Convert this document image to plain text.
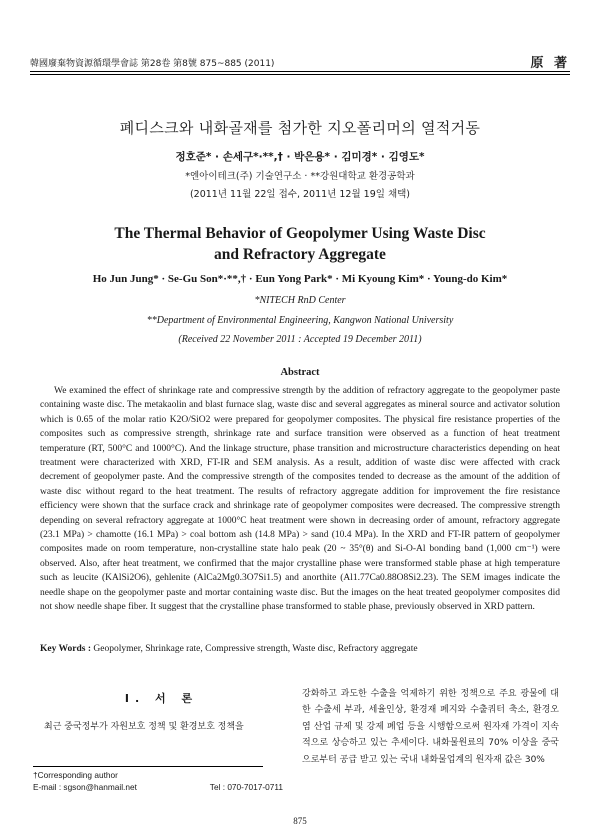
韓國廢棄物資源循環學會誌 第28卷 第8號 875~885 (2011)	原 著
폐디스크와 내화골재를 첨가한 지오폴리머의 열적거동
정호준* · 손세구*·**,† · 박은용* · 김미경* · 김영도*
*엔아이테크(주) 기술연구소 · **강원대학교 환경공학과
(2011년 11월 22일 접수, 2011년 12월 19일 채택)
The Thermal Behavior of Geopolymer Using Waste Disc
and Refractory Aggregate
Ho Jun Jung* · Se-Gu Son*·**,† · Eun Yong Park* · Mi Kyoung Kim* · Young-do Kim*
*NITECH RnD Center
**Department of Environmental Engineering, Kangwon National University
(Received 22 November 2011 : Accepted 19 December 2011)
Abstract

We examined the effect of shrinkage rate and compressive strength by the addition of refractory aggregate to the geopolymer paste containing waste disc. The metakaolin and blast furnace slag, waste disc and several aggregates as mineral source and activator solution which is 0.65 of the molar ratio K2O/SiO2 were prepared for geopolymer composites. The physical fire resistance properties of the composites such as compressive strength, shrinkage rate and surface transition were observed as a function of heat treatment temperature (RT, 500°C and 1000°C). And the linkage structure, phase transition and microstructure characteristics depending on heat treatment were characterized with XRD, FT-IR and SEM analysis. As a result, addition of waste disc were affected with crack decrement of geopolymer paste. And the compressive strength of the composites tended to decrease as the amount of the addition of waste disc without regard to the heat treatment. The results of refractory aggregate addition for improvement the fire resistance efficiency were shown that the surface crack and shrinkage rate of geopolymer composites were decreased. The compressive strength depending on several refractory aggregate at 1000°C heat treatment were shown in decreasing order of amount, refractory aggregate (23.1 MPa) > chamotte (16.1 MPa) > coal bottom ash (14.8 MPa) > sand (10.4 MPa). In the XRD and FT-IR pattern of geopolymer composites made on room temperature, non-crystalline state halo peak (20 ~ 35°(θ) and Si-O-Al bonding band (1,000 cm⁻¹) were observed. Also, after heat treatment, we confirmed that the major crystalline phase were transformed stable phase at high temperature such as leucite (KAlSi2O6), gehlenite (AlCa2Mg0.3O7Si1.5) and anorthite (Al1.77Ca0.88O8Si2.23). The SEM images indicate the needle shape on the geopolymer paste and mortar containing waste disc. But the images on the heat treated geopolymer composites did not show needle shape fiber. It suggest that the crystalline phase transformed to stable phase, previously observed in XRD pattern.

Key Words : Geopolymer, Shrinkage rate, Compressive strength, Waste disc, Refractory aggregate
I. 서 론

최근 중국정부가 자원보호 정책 및 환경보호 정책을

강화하고 과도한 수출을 억제하기 위한 정책으로 주요 광물에 대한 수출세 부과, 세율인상, 환경재 폐지와 수출쿼터 축소, 환경오염 산업 규제 및 강제 폐업 등을 시행함으로써 원자재 가격이 지속적으로 상승하고 있는 추세이다. 내화물원료의 70% 이상을 중국으로부터 공급 받고 있는 국내 내화물업계의 원자재 값은 30%

†Corresponding author
E-mail : sgson@hanmail.net	Tel : 070-7017-0711
875
